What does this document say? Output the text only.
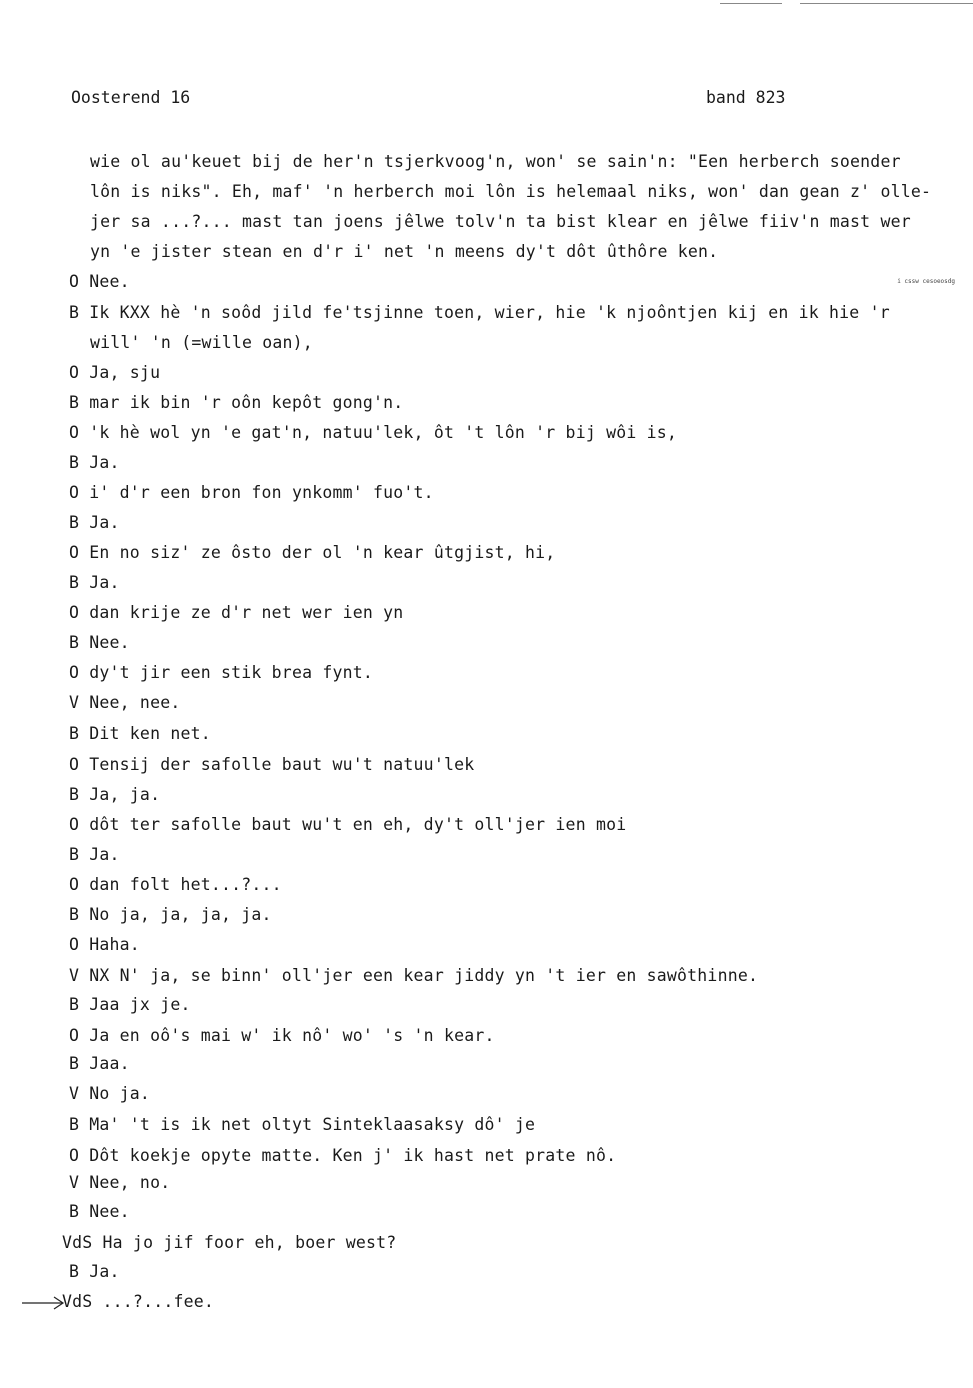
Oosterend 16	band 823
i cssw cesoeosdg
wie ol au'keuet bij de her'n tsjerkvoog'n, won' se sain'n: "Een herberch soender
lôn is niks". Eh, maf' 'n herberch moi lôn is helemaal niks, won' dan gean z' olle-
jer sa ...?... mast tan joens jêlwe tolv'n ta bist klear en jêlwe fiiv'n mast wer
yn 'e jister stean en d'r i' net 'n meens dy't dôt ûthôre ken.
O Nee.
B Ik KXX hè 'n soôd jild fe'tsjinne toen, wier, hie 'k njoôntjen kij en ik hie 'r
will' 'n (=wille oan),
O Ja, sju
B mar ik bin 'r oôn kepôt gong'n.
O 'k hè wol yn 'e gat'n, natuu'lek, ôt 't lôn 'r bij wôi is,
B Ja.
O i' d'r een bron fon ynkomm' fuo't.
B Ja.
O En no siz' ze ôsto der ol 'n kear ûtgjist, hi,
B Ja.
O dan krije ze d'r net wer ien yn
B Nee.
O dy't jir een stik brea fynt.
V Nee, nee.
B Dit ken net.
O Tensij der safolle baut wu't natuu'lek
B Ja, ja.
O dôt ter safolle baut wu't en eh, dy't oll'jer ien moi
B Ja.
O dan folt het...?...
B No ja, ja, ja, ja.
O Haha.
V NX N' ja, se binn' oll'jer een kear jiddy yn 't ier en sawôthinne.
B Jaa jx je.
O Ja en oô's mai w' ik nô' wo' 's 'n kear.
B Jaa.
V No ja.
B Ma' 't is ik net oltyt Sinteklaasaksy dô' je
O Dôt koekje opyte matte. Ken j' ik hast net prate nô.
V Nee, no.
B Nee.
VdS Ha jo jif foor eh, boer west?
B Ja.
VdS ...?...fee.
